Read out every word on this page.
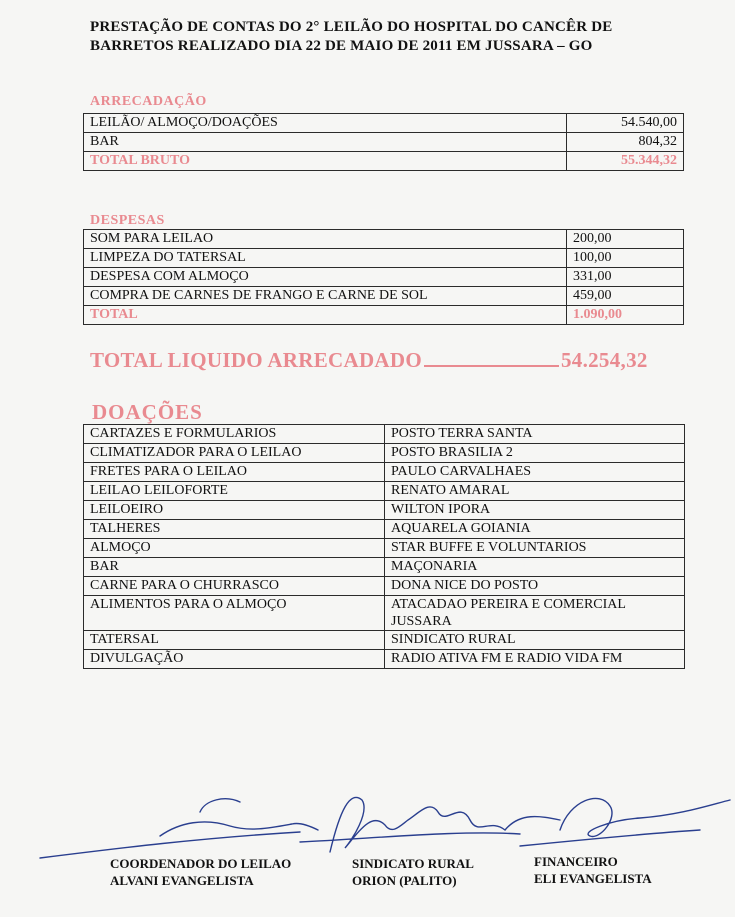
PRESTAÇÃO DE CONTAS DO 2° LEILÃO DO HOSPITAL DO CANCÊR DE
BARRETOS REALIZADO DIA 22 DE MAIO DE 2011 EM JUSSARA – GO
ARRECADAÇÃO
LEILÃO/ ALMOÇO/DOAÇÕES	54.540,00
BAR	804,32
TOTAL BRUTO	55.344,32
DESPESAS
SOM PARA LEILAO	200,00
LIMPEZA DO TATERSAL	100,00
DESPESA COM ALMOÇO	331,00
COMPRA DE CARNES DE FRANGO E CARNE DE SOL	459,00
TOTAL	1.090,00
TOTAL LIQUIDO ARRECADADO	54.254,32
DOAÇÕES
CARTAZES E FORMULARIOS	POSTO TERRA SANTA
CLIMATIZADOR PARA O LEILAO	POSTO BRASILIA 2
FRETES PARA O LEILAO	PAULO CARVALHAES
LEILAO LEILOFORTE	RENATO AMARAL
LEILOEIRO	WILTON IPORA
TALHERES	AQUARELA GOIANIA
ALMOÇO	STAR BUFFE E VOLUNTARIOS
BAR	MAÇONARIA
CARNE PARA O CHURRASCO	DONA NICE DO POSTO
ALIMENTOS PARA O ALMOÇO	ATACADAO PEREIRA E COMERCIAL JUSSARA
TATERSAL	SINDICATO RURAL
DIVULGAÇÃO	RADIO ATIVA FM E RADIO VIDA FM
COORDENADOR DO LEILAO
ALVANI EVANGELISTA
SINDICATO RURAL
ORION (PALITO)
FINANCEIRO
ELI EVANGELISTA
